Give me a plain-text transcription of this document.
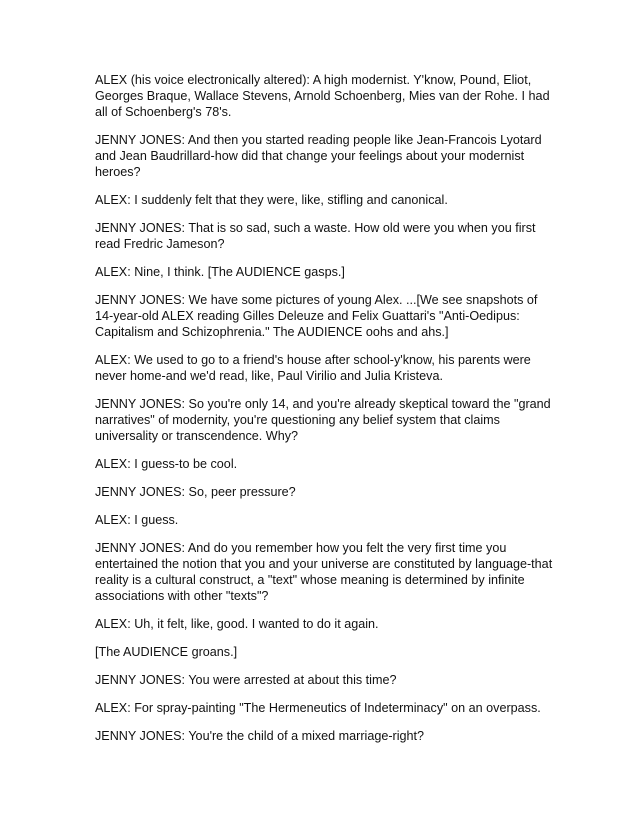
ALEX (his voice electronically altered): A high modernist. Y'know, Pound, Eliot, Georges Braque, Wallace Stevens, Arnold Schoenberg, Mies van der Rohe. I had all of Schoenberg's 78's.

JENNY JONES: And then you started reading people like Jean-Francois Lyotard and Jean Baudrillard-how did that change your feelings about your modernist heroes?

ALEX: I suddenly felt that they were, like, stifling and canonical.

JENNY JONES: That is so sad, such a waste. How old were you when you first read Fredric Jameson?

ALEX: Nine, I think. [The AUDIENCE gasps.]

JENNY JONES: We have some pictures of young Alex. ...[We see snapshots of 14-year-old ALEX reading Gilles Deleuze and Felix Guattari's "Anti-Oedipus: Capitalism and Schizophrenia." The AUDIENCE oohs and ahs.]

ALEX: We used to go to a friend's house after school-y'know, his parents were never home-and we'd read, like, Paul Virilio and Julia Kristeva.

JENNY JONES: So you're only 14, and you're already skeptical toward the "grand narratives" of modernity, you're questioning any belief system that claims universality or transcendence. Why?

ALEX: I guess-to be cool.

JENNY JONES: So, peer pressure?

ALEX: I guess.

JENNY JONES: And do you remember how you felt the very first time you entertained the notion that you and your universe are constituted by language-that reality is a cultural construct, a "text" whose meaning is determined by infinite associations with other "texts"?

ALEX: Uh, it felt, like, good. I wanted to do it again.

[The AUDIENCE groans.]

JENNY JONES: You were arrested at about this time?

ALEX: For spray-painting "The Hermeneutics of Indeterminacy" on an overpass.

JENNY JONES: You're the child of a mixed marriage-right?
